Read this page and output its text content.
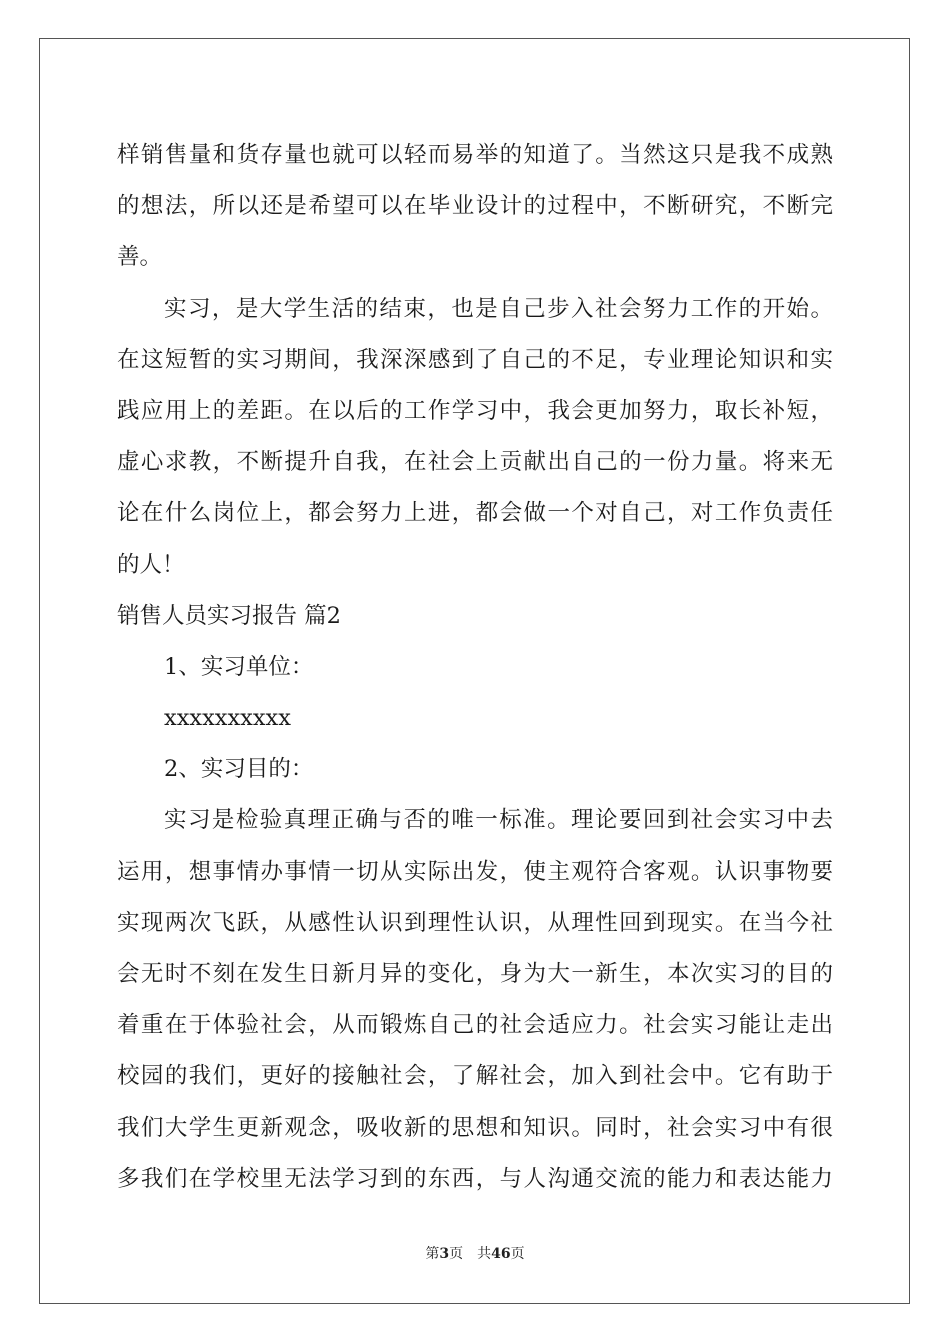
样销售量和货存量也就可以轻而易举的知道了。当然这只是我不成熟
的想法，所以还是希望可以在毕业设计的过程中，不断研究，不断完
善。
实习，是大学生活的结束，也是自己步入社会努力工作的开始。
在这短暂的实习期间，我深深感到了自己的不足，专业理论知识和实
践应用上的差距。在以后的工作学习中，我会更加努力，取长补短，
虚心求教，不断提升自我，在社会上贡献出自己的一份力量。将来无
论在什么岗位上，都会努力上进，都会做一个对自己，对工作负责任
的人！
销售人员实习报告 篇2
1、实习单位：
xxxxxxxxxx
2、实习目的：
实习是检验真理正确与否的唯一标准。理论要回到社会实习中去
运用，想事情办事情一切从实际出发，使主观符合客观。认识事物要
实现两次飞跃，从感性认识到理性认识，从理性回到现实。在当今社
会无时不刻在发生日新月异的变化，身为大一新生，本次实习的目的
着重在于体验社会，从而锻炼自己的社会适应力。社会实习能让走出
校园的我们，更好的接触社会，了解社会，加入到社会中。它有助于
我们大学生更新观念，吸收新的思想和知识。同时，社会实习中有很
多我们在学校里无法学习到的东西，与人沟通交流的能力和表达能力
第3页 共46页
